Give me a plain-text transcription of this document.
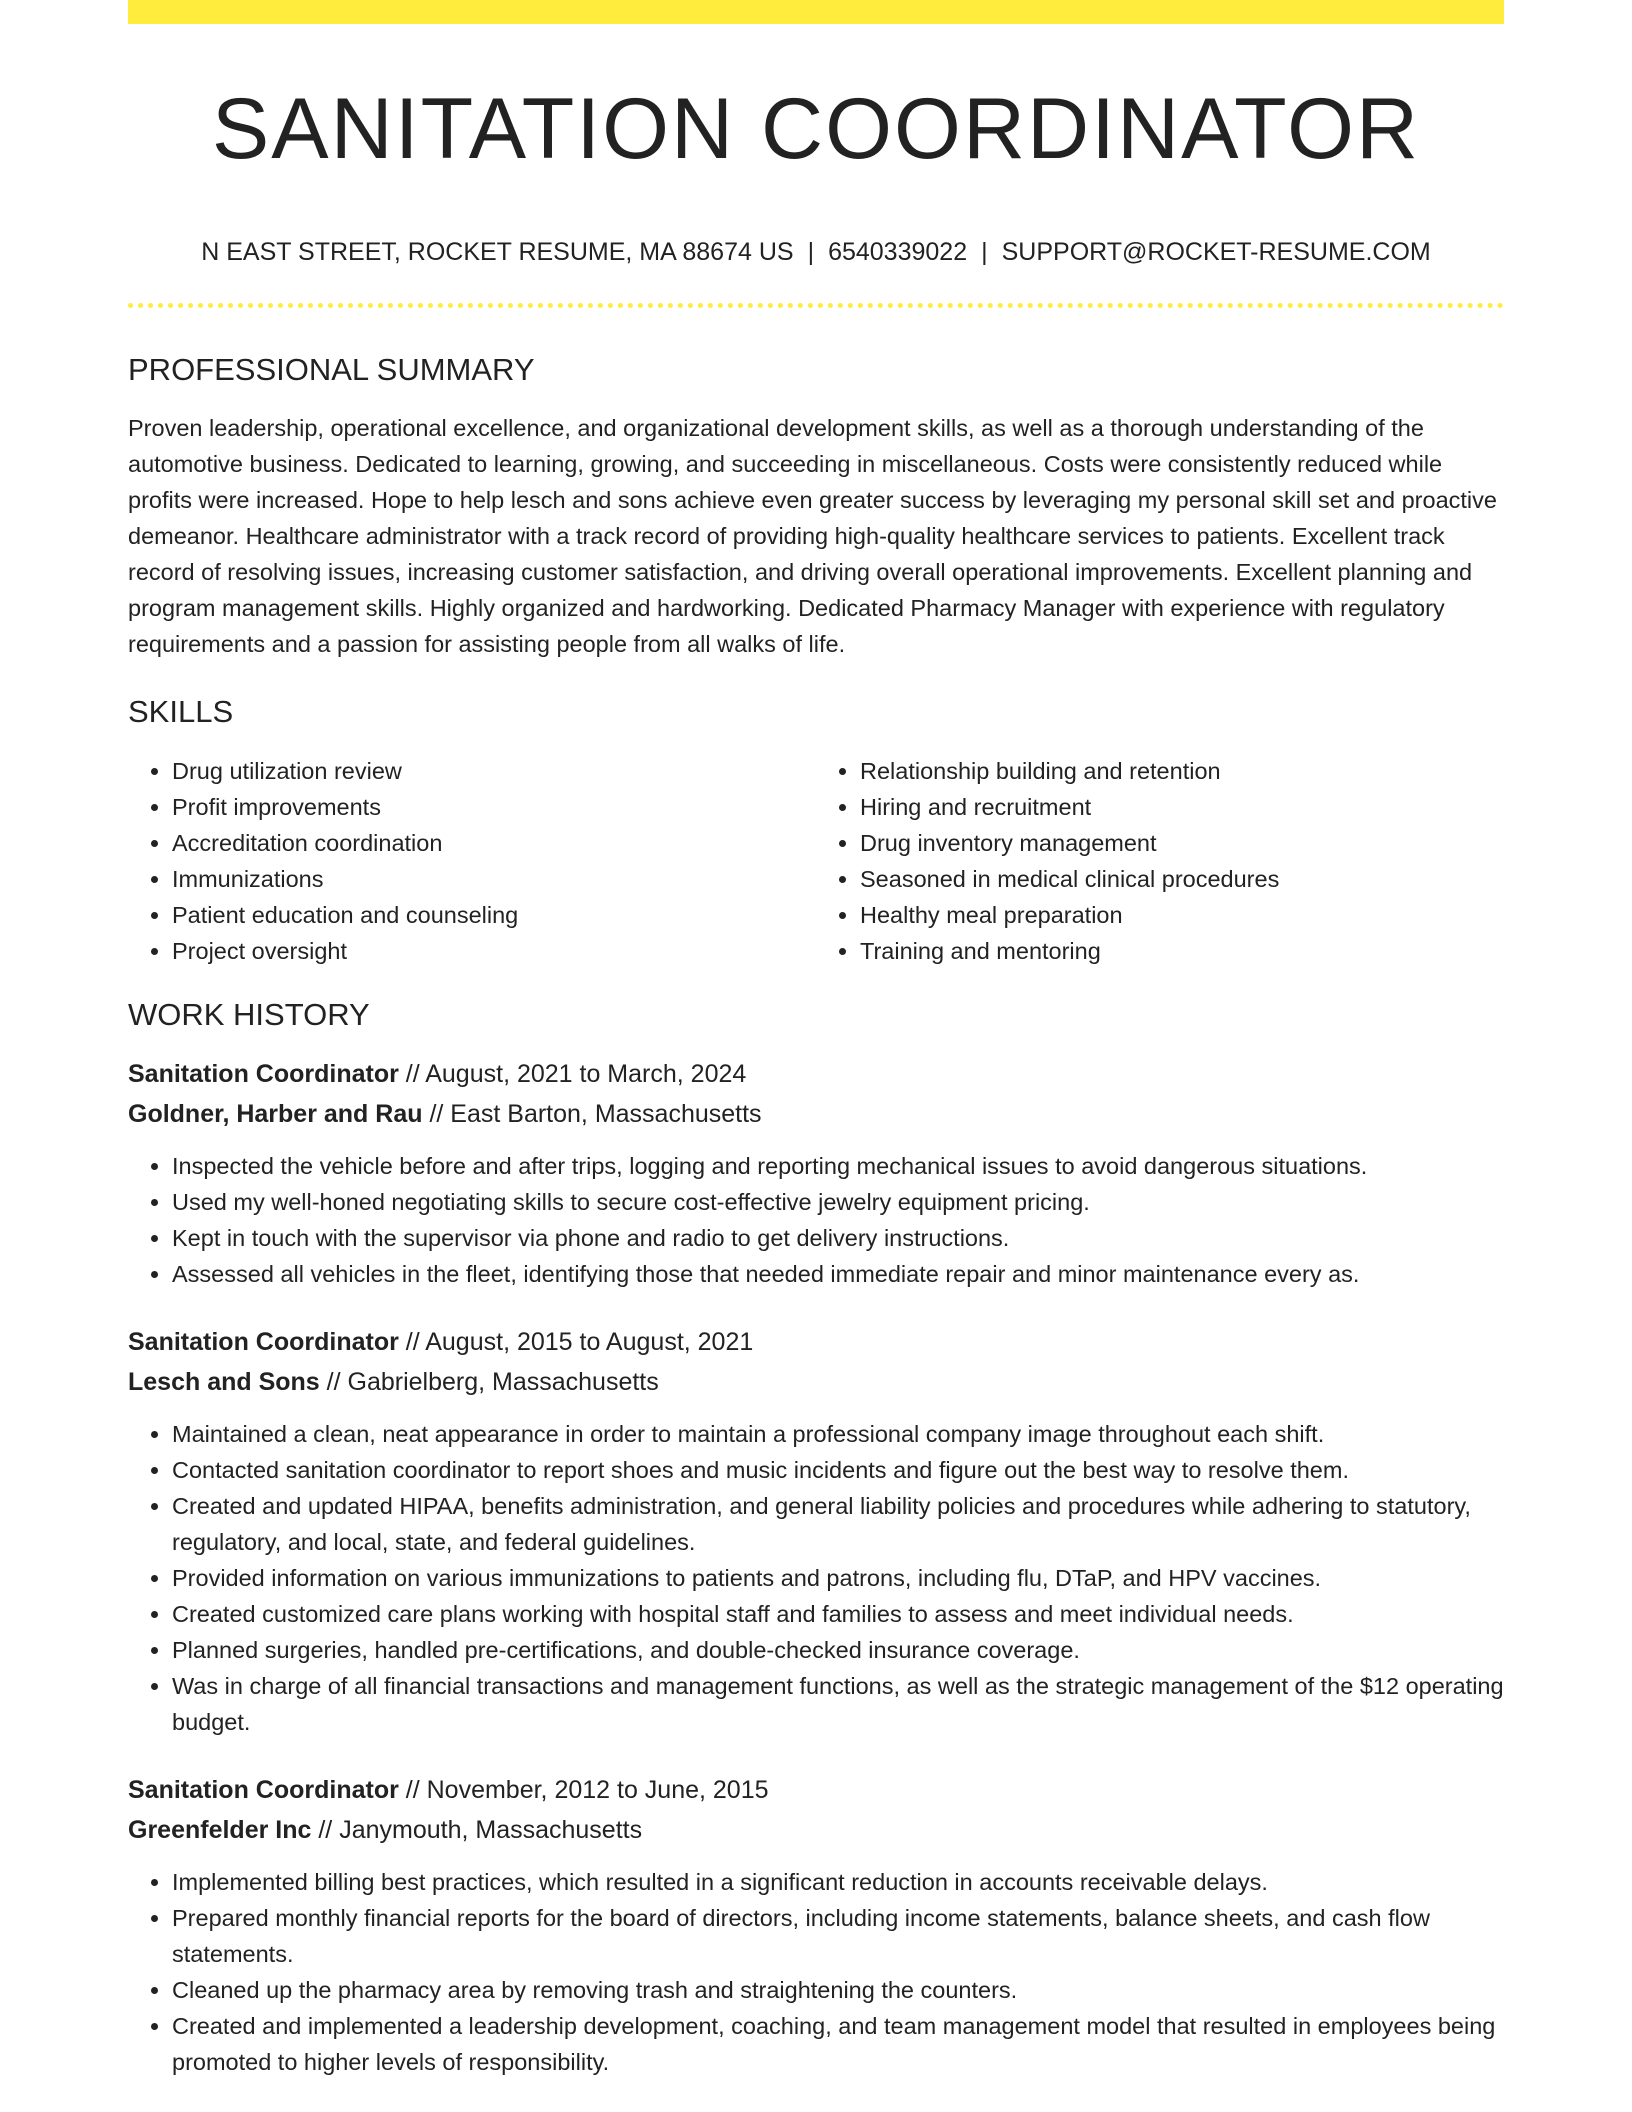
SANITATION COORDINATOR
N EAST STREET, ROCKET RESUME, MA 88674 US | 6540339022 | SUPPORT@ROCKET-RESUME.COM
PROFESSIONAL SUMMARY

Proven leadership, operational excellence, and organizational development skills, as well as a thorough understanding of the automotive business. Dedicated to learning, growing, and succeeding in miscellaneous. Costs were consistently reduced while profits were increased. Hope to help lesch and sons achieve even greater success by leveraging my personal skill set and proactive demeanor. Healthcare administrator with a track record of providing high-quality healthcare services to patients. Excellent track record of resolving issues, increasing customer satisfaction, and driving overall operational improvements. Excellent planning and program management skills. Highly organized and hardworking. Dedicated Pharmacy Manager with experience with regulatory requirements and a passion for assisting people from all walks of life.

SKILLS
• Drug utilization review
• Profit improvements
• Accreditation coordination
• Immunizations
• Patient education and counseling
• Project oversight
• Relationship building and retention
• Hiring and recruitment
• Drug inventory management
• Seasoned in medical clinical procedures
• Healthy meal preparation
• Training and mentoring
WORK HISTORY
Sanitation Coordinator // August, 2021 to March, 2024
Goldner, Harber and Rau // East Barton, Massachusetts
• Inspected the vehicle before and after trips, logging and reporting mechanical issues to avoid dangerous situations.
• Used my well-honed negotiating skills to secure cost-effective jewelry equipment pricing.
• Kept in touch with the supervisor via phone and radio to get delivery instructions.
• Assessed all vehicles in the fleet, identifying those that needed immediate repair and minor maintenance every as.
Sanitation Coordinator // August, 2015 to August, 2021
Lesch and Sons // Gabrielberg, Massachusetts
• Maintained a clean, neat appearance in order to maintain a professional company image throughout each shift.
• Contacted sanitation coordinator to report shoes and music incidents and figure out the best way to resolve them.
• Created and updated HIPAA, benefits administration, and general liability policies and procedures while adhering to statutory, regulatory, and local, state, and federal guidelines.
• Provided information on various immunizations to patients and patrons, including flu, DTaP, and HPV vaccines.
• Created customized care plans working with hospital staff and families to assess and meet individual needs.
• Planned surgeries, handled pre-certifications, and double-checked insurance coverage.
• Was in charge of all financial transactions and management functions, as well as the strategic management of the $12 operating budget.
Sanitation Coordinator // November, 2012 to June, 2015
Greenfelder Inc // Janymouth, Massachusetts
• Implemented billing best practices, which resulted in a significant reduction in accounts receivable delays.
• Prepared monthly financial reports for the board of directors, including income statements, balance sheets, and cash flow statements.
• Cleaned up the pharmacy area by removing trash and straightening the counters.
• Created and implemented a leadership development, coaching, and team management model that resulted in employees being promoted to higher levels of responsibility.
